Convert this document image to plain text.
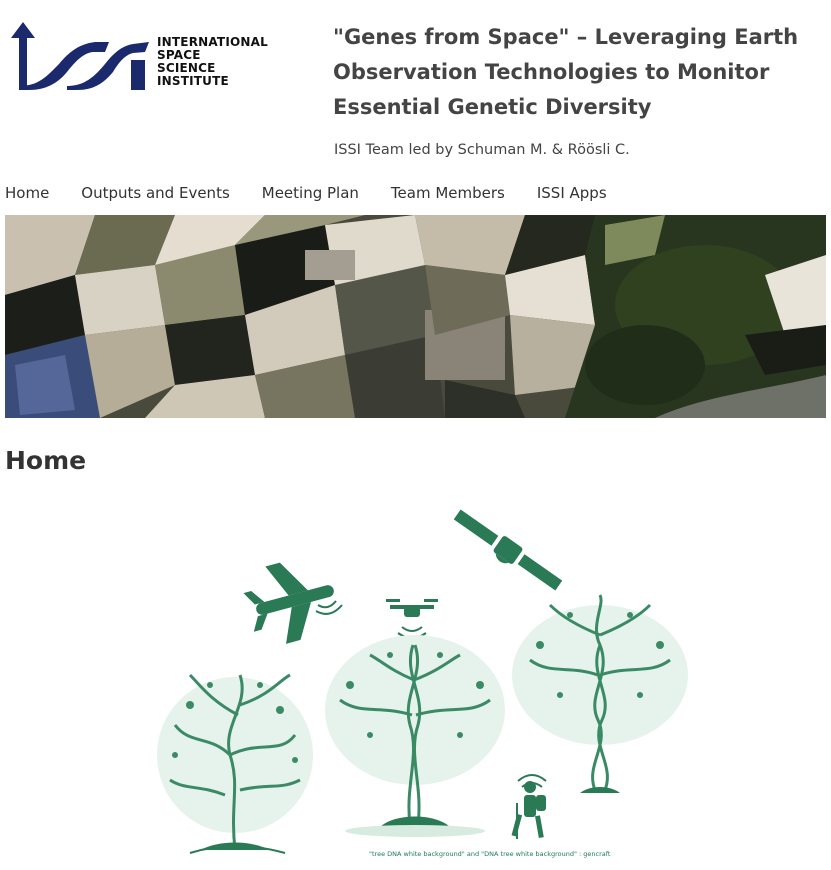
INTERNATIONAL
SPACE
SCIENCE
INSTITUTE
"Genes from Space" – Leveraging Earth
Observation Technologies to Monitor
Essential Genetic Diversity
ISSI Team led by Schuman M. & Röösli C.
Home Outputs and Events Meeting Plan Team Members ISSI Apps
Home
"tree DNA white background" and "DNA tree white background" : gencraft
